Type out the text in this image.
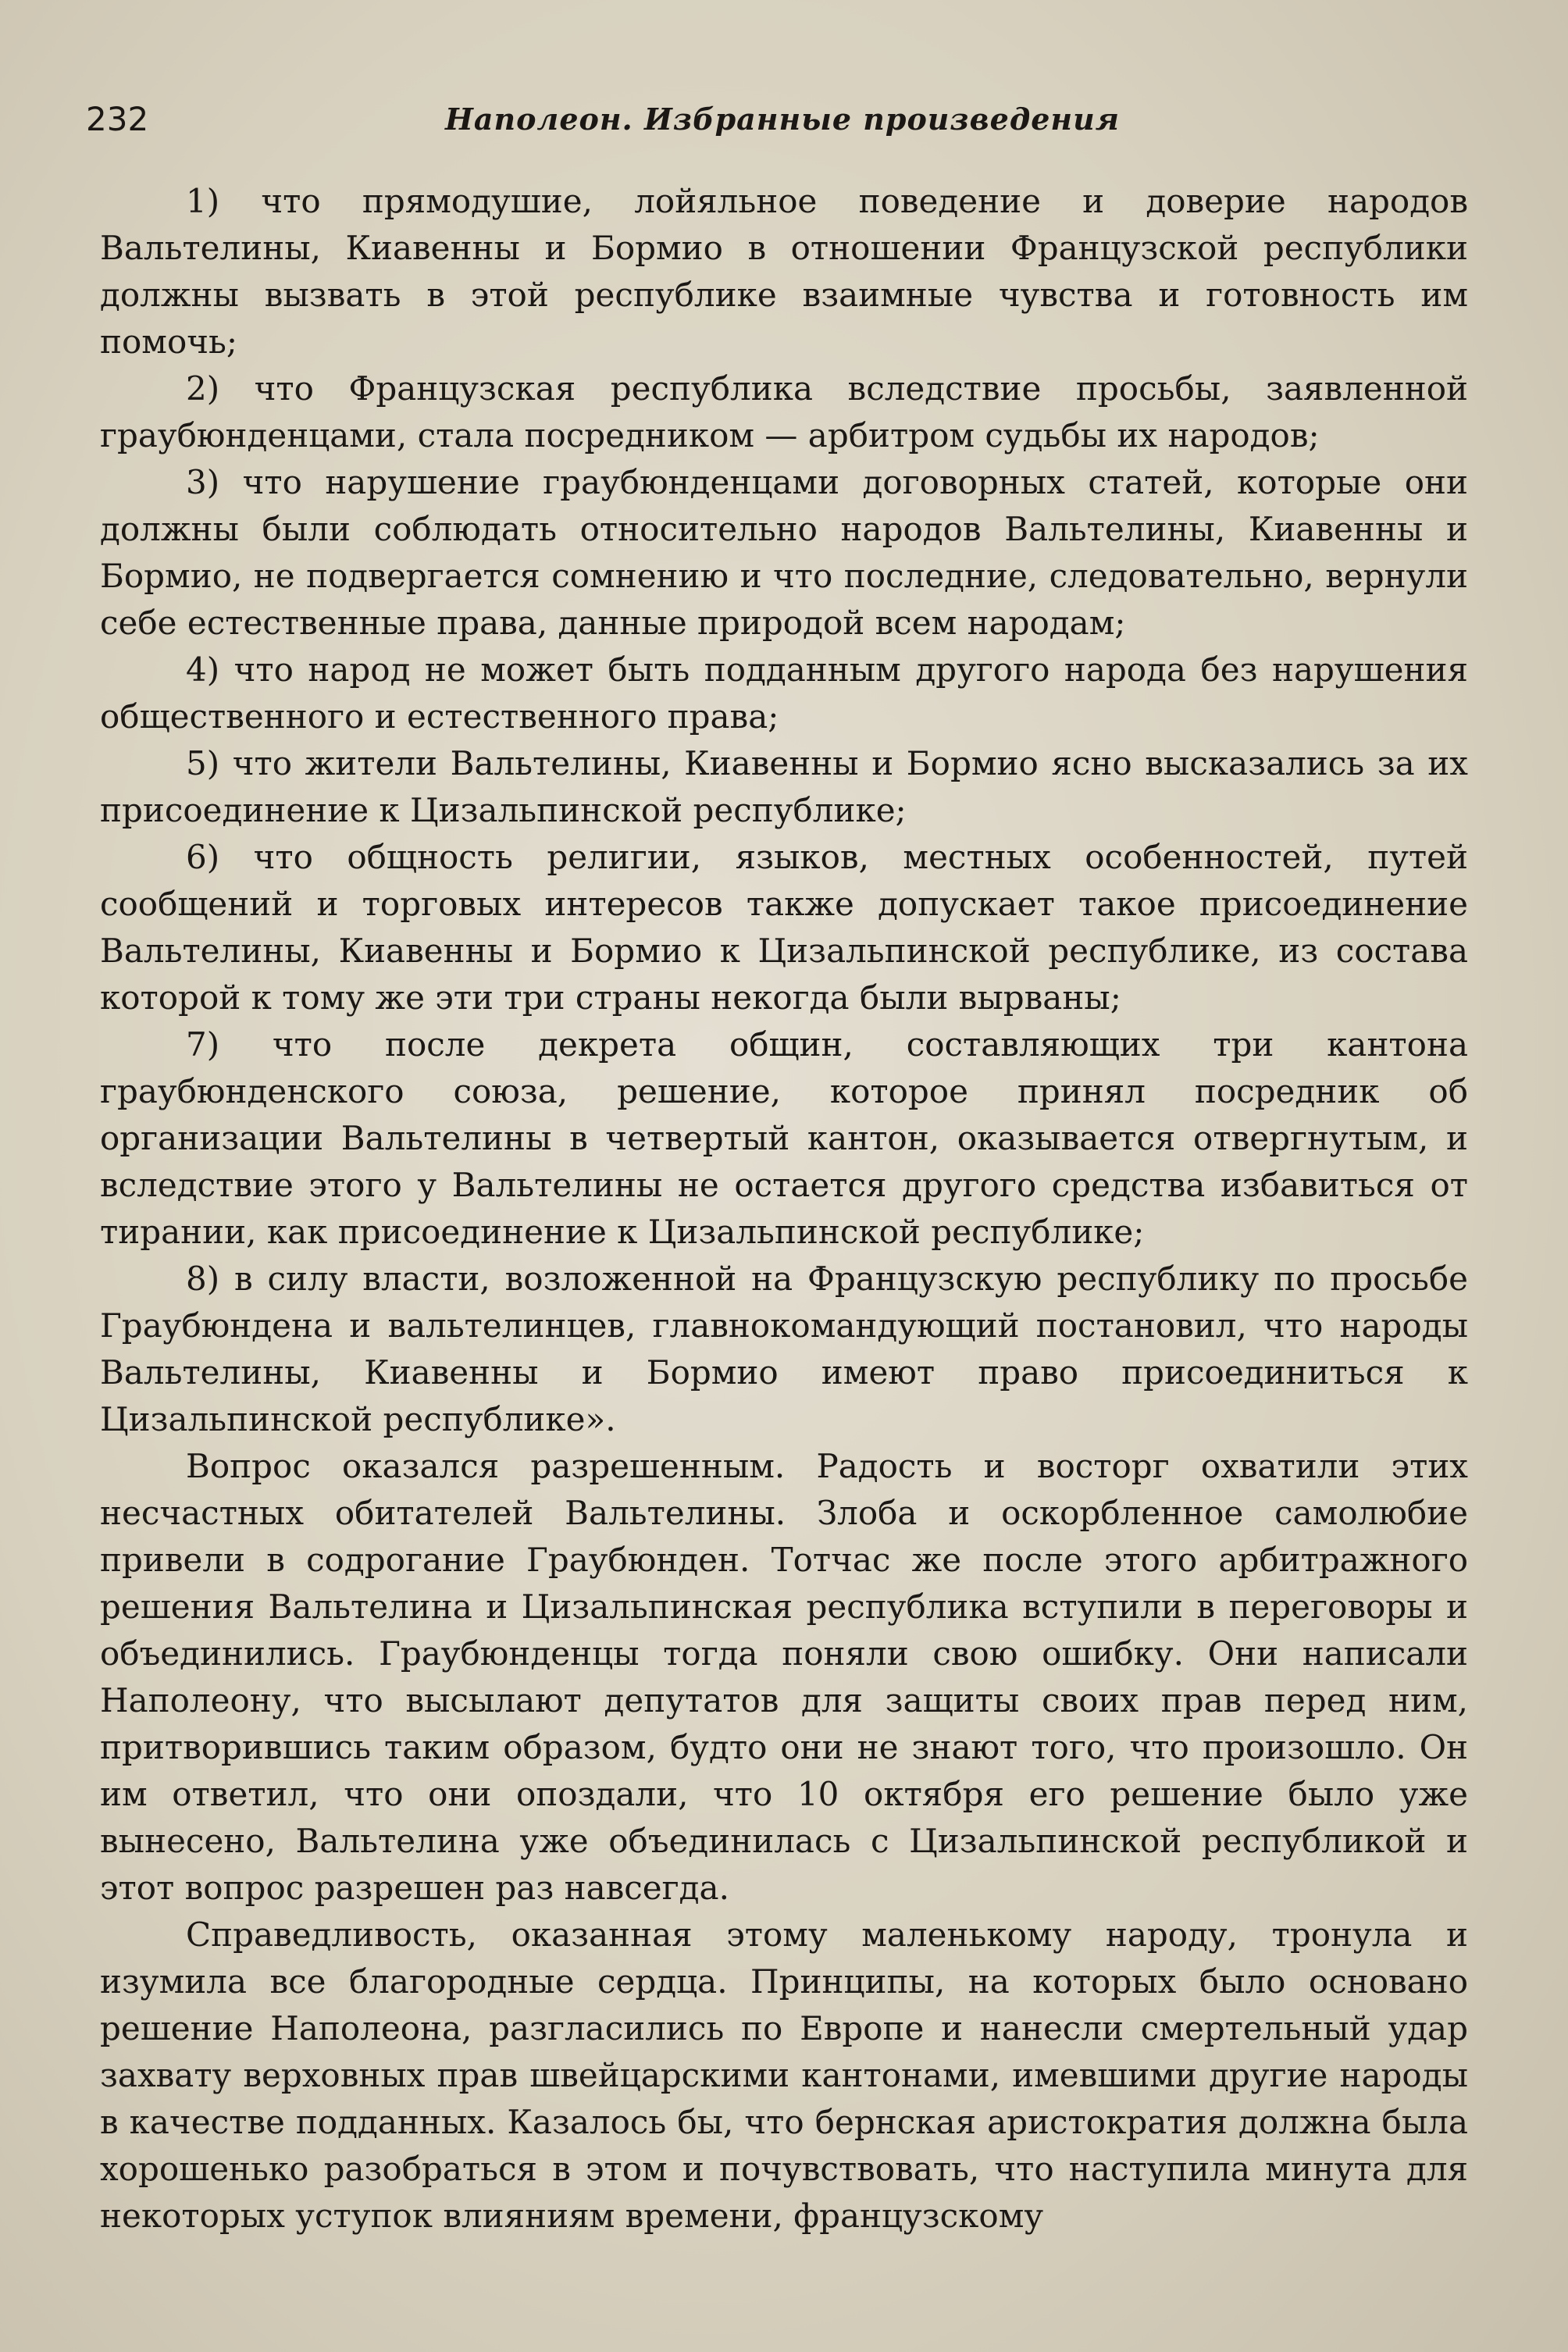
232	Наполеон. Избранные произведения

1) что прямодушие, лойяльное поведение и доверие народов Вальтелины, Киавенны и Бормио в отношении Французской республики должны вызвать в этой республике взаимные чувства и готовность им помочь;

2) что Французская республика вследствие просьбы, заявленной граубюнденцами, стала посредником — арбитром судьбы их народов;

3) что нарушение граубюнденцами договорных статей, которые они должны были соблюдать относительно народов Вальтелины, Киавенны и Бормио, не подвергается сомнению и что последние, следовательно, вернули себе естественные права, данные природой всем народам;

4) что народ не может быть подданным другого народа без нарушения общественного и естественного права;

5) что жители Вальтелины, Киавенны и Бормио ясно высказались за их присоединение к Цизальпинской республике;

6) что общность религии, языков, местных особенностей, путей сообщений и торговых интересов также допускает такое присоединение Вальтелины, Киавенны и Бормио к Цизальпинской республике, из состава которой к тому же эти три страны некогда были вырваны;

7) что после декрета общин, составляющих три кантона граубюнденского союза, решение, которое принял посредник об организации Вальтелины в четвертый кантон, оказывается отвергнутым, и вследствие этого у Вальтелины не остается другого средства избавиться от тирании, как присоединение к Цизальпинской республике;

8) в силу власти, возложенной на Французскую республику по просьбе Граубюндена и вальтелинцев, главнокомандующий постановил, что народы Вальтелины, Киавенны и Бормио имеют право присоединиться к Цизальпинской республике».

Вопрос оказался разрешенным. Радость и восторг охватили этих несчастных обитателей Вальтелины. Злоба и оскорбленное самолюбие привели в содрогание Граубюнден. Тотчас же после этого арбитражного решения Вальтелина и Цизальпинская республика вступили в переговоры и объединились. Граубюнденцы тогда поняли свою ошибку. Они написали Наполеону, что высылают депутатов для защиты своих прав перед ним, притворившись таким образом, будто они не знают того, что произошло. Он им ответил, что они опоздали, что 10 октября его решение было уже вынесено, Вальтелина уже объединилась с Цизальпинской республикой и этот вопрос разрешен раз навсегда.

Справедливость, оказанная этому маленькому народу, тронула и изумила все благородные сердца. Принципы, на которых было основано решение Наполеона, разгласились по Европе и нанесли смертельный удар захвату верховных прав швейцарскими кантонами, имевшими другие народы в качестве подданных. Казалось бы, что бернская аристократия должна была хорошенько разобраться в этом и почувствовать, что наступила минута для некоторых уступок влияниям времени, французскому
